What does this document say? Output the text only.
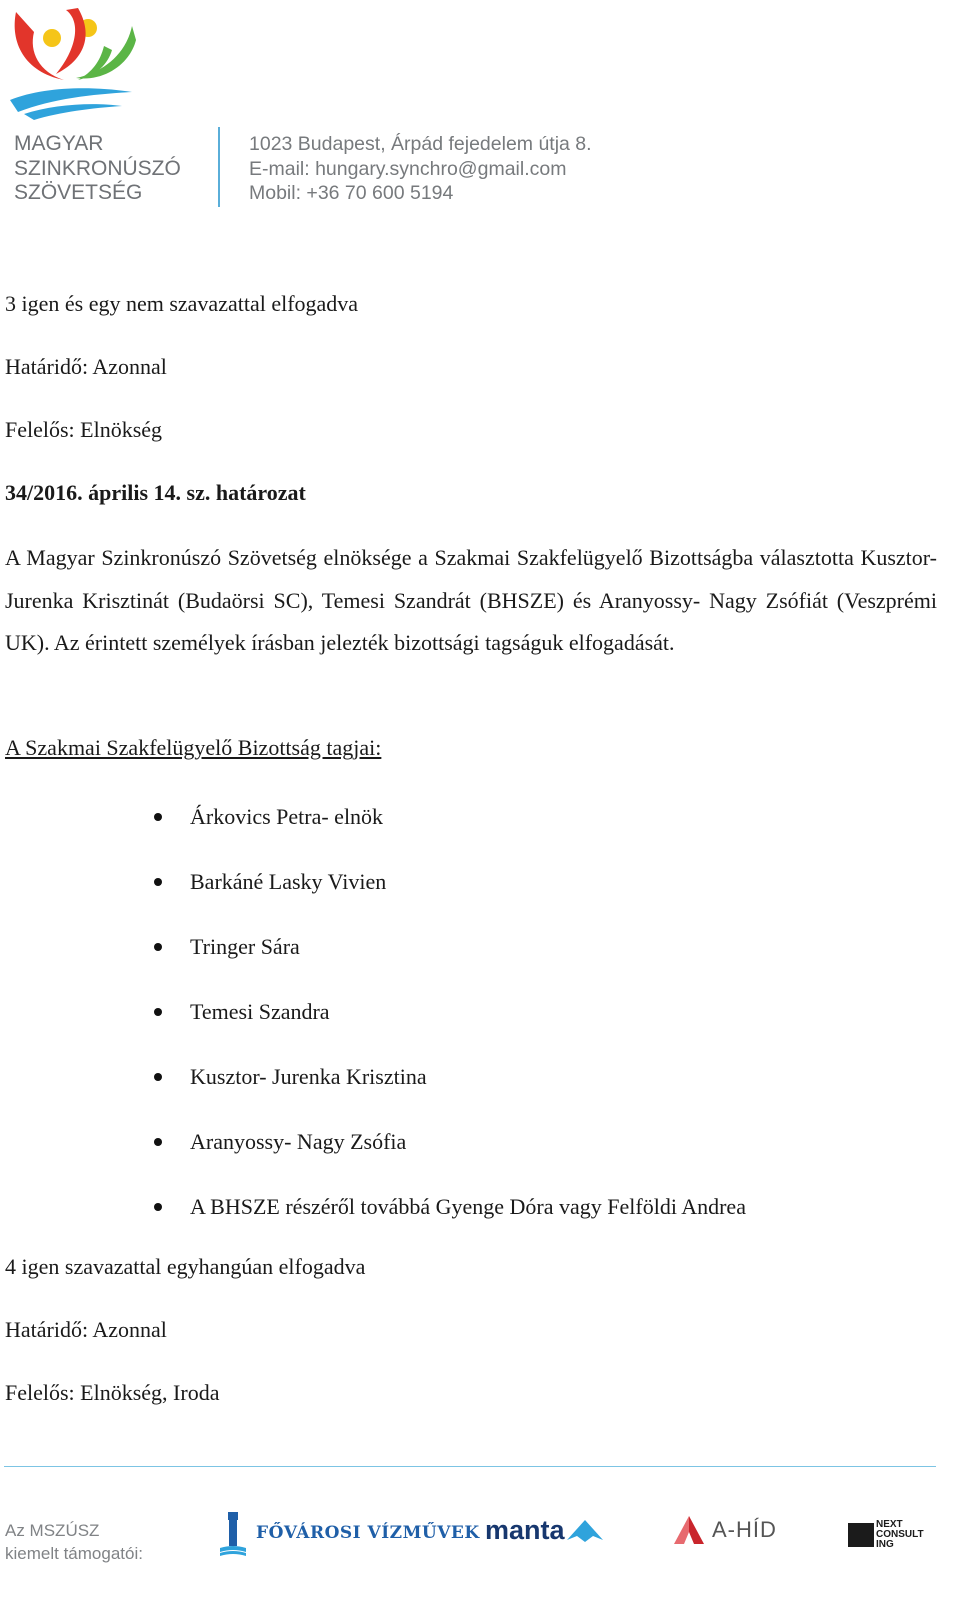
MAGYAR
SZINKRONÚSZÓ
SZÖVETSÉG
1023 Budapest, Árpád fejedelem útja 8.
E-mail: hungary.synchro@gmail.com
Mobil: +36 70 600 5194

3 igen és egy nem szavazattal elfogadva

Határidő: Azonnal

Felelős: Elnökség

34/2016. április 14. sz. határozat

A Magyar Szinkronúszó Szövetség elnöksége a Szakmai Szakfelügyelő Bizottságba választotta Kusztor- Jurenka Krisztinát (Budaörsi SC), Temesi Szandrát (BHSZE) és Aranyossy- Nagy Zsófiát (Veszprémi UK). Az érintett személyek írásban jelezték bizottsági tagságuk elfogadását.

A Szakmai Szakfelügyelő Bizottság tagjai:

4 igen szavazattal egyhangúan elfogadva

Határidő: Azonnal

Felelős: Elnökség, Iroda

Árkovics Petra- elnök
Barkáné Lasky Vivien
Tringer Sára
Temesi Szandra
Kusztor- Jurenka Krisztina
Aranyossy- Nagy Zsófia
A BHSZE részéről továbbá Gyenge Dóra vagy Felföldi Andrea
Az MSZÚSZ
kiemelt támogatói:
FŐVÁROSI VÍZMŰVEK manta	A-HÍD	NEXT CONSULT ING
